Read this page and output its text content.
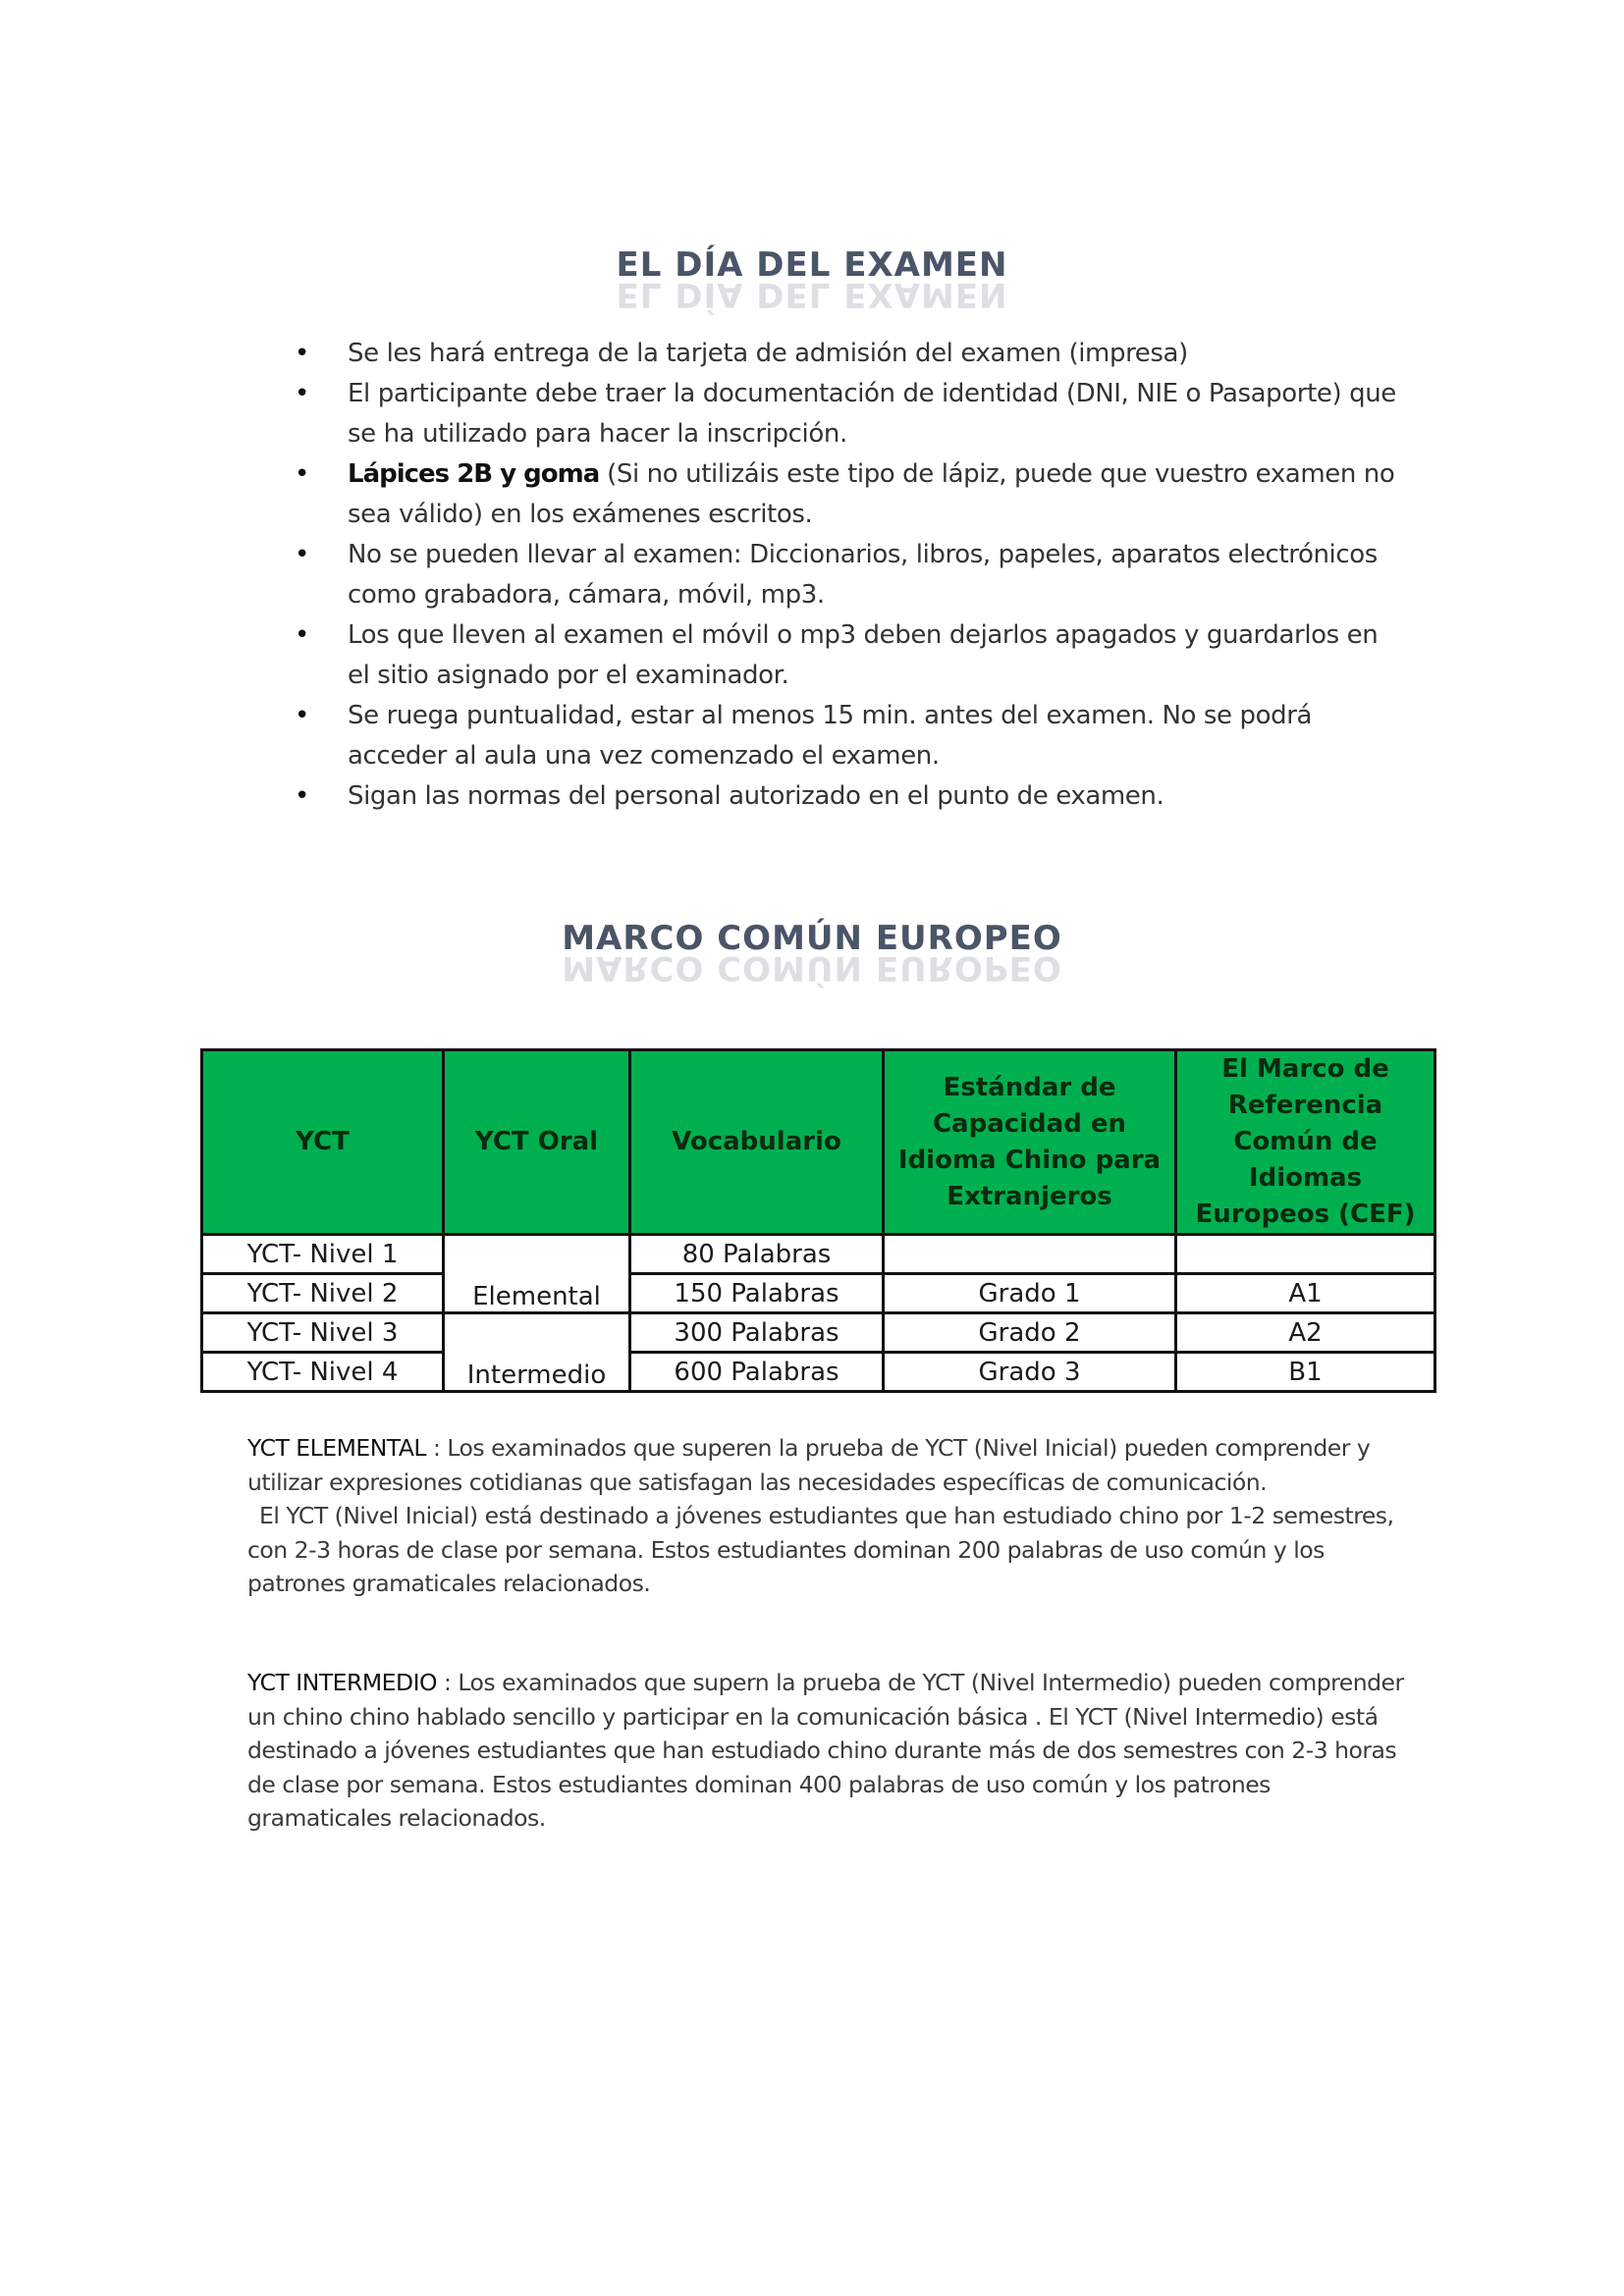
EL DÍA DEL EXAMEN
EL DÍA DEL EXAMEN
• Se les hará entrega de la tarjeta de admisión del examen (impresa)
• El participante debe traer la documentación de identidad (DNI, NIE o Pasaporte) que se ha utilizado para hacer la inscripción.
• Lápices 2B y goma (Si no utilizáis este tipo de lápiz, puede que vuestro examen no sea válido) en los exámenes escritos.
• No se pueden llevar al examen: Diccionarios, libros, papeles, aparatos electrónicos como grabadora, cámara, móvil, mp3.
• Los que lleven al examen el móvil o mp3 deben dejarlos apagados y guardarlos en el sitio asignado por el examinador.
• Se ruega puntualidad, estar al menos 15 min. antes del examen. No se podrá acceder al aula una vez comenzado el examen.
• Sigan las normas del personal autorizado en el punto de examen.
MARCO COMÚN EUROPEO
MARCO COMÚN EUROPEO
YCT	YCT Oral	Vocabulario	Estándar de Capacidad en Idioma Chino para Extranjeros	El Marco de Referencia Común de Idiomas Europeos (CEF)
YCT- Nivel 1	Elemental	80 Palabras		
YCT- Nivel 2		150 Palabras	Grado 1	A1
YCT- Nivel 3	Intermedio	300 Palabras	Grado 2	A2
YCT- Nivel 4		600 Palabras	Grado 3	B1
YCT ELEMENTAL : Los examinados que superen la prueba de YCT (Nivel Inicial) pueden comprender y utilizar expresiones cotidianas que satisfagan las necesidades específicas de comunicación.
El YCT (Nivel Inicial) está destinado a jóvenes estudiantes que han estudiado chino por 1-2 semestres, con 2-3 horas de clase por semana. Estos estudiantes dominan 200 palabras de uso común y los patrones gramaticales relacionados.
YCT INTERMEDIO : Los examinados que supern la prueba de YCT (Nivel Intermedio) pueden comprender un chino chino hablado sencillo y participar en la comunicación básica . El YCT (Nivel Intermedio) está destinado a jóvenes estudiantes que han estudiado chino durante más de dos semestres con 2-3 horas de clase por semana. Estos estudiantes dominan 400 palabras de uso común y los patrones gramaticales relacionados.
